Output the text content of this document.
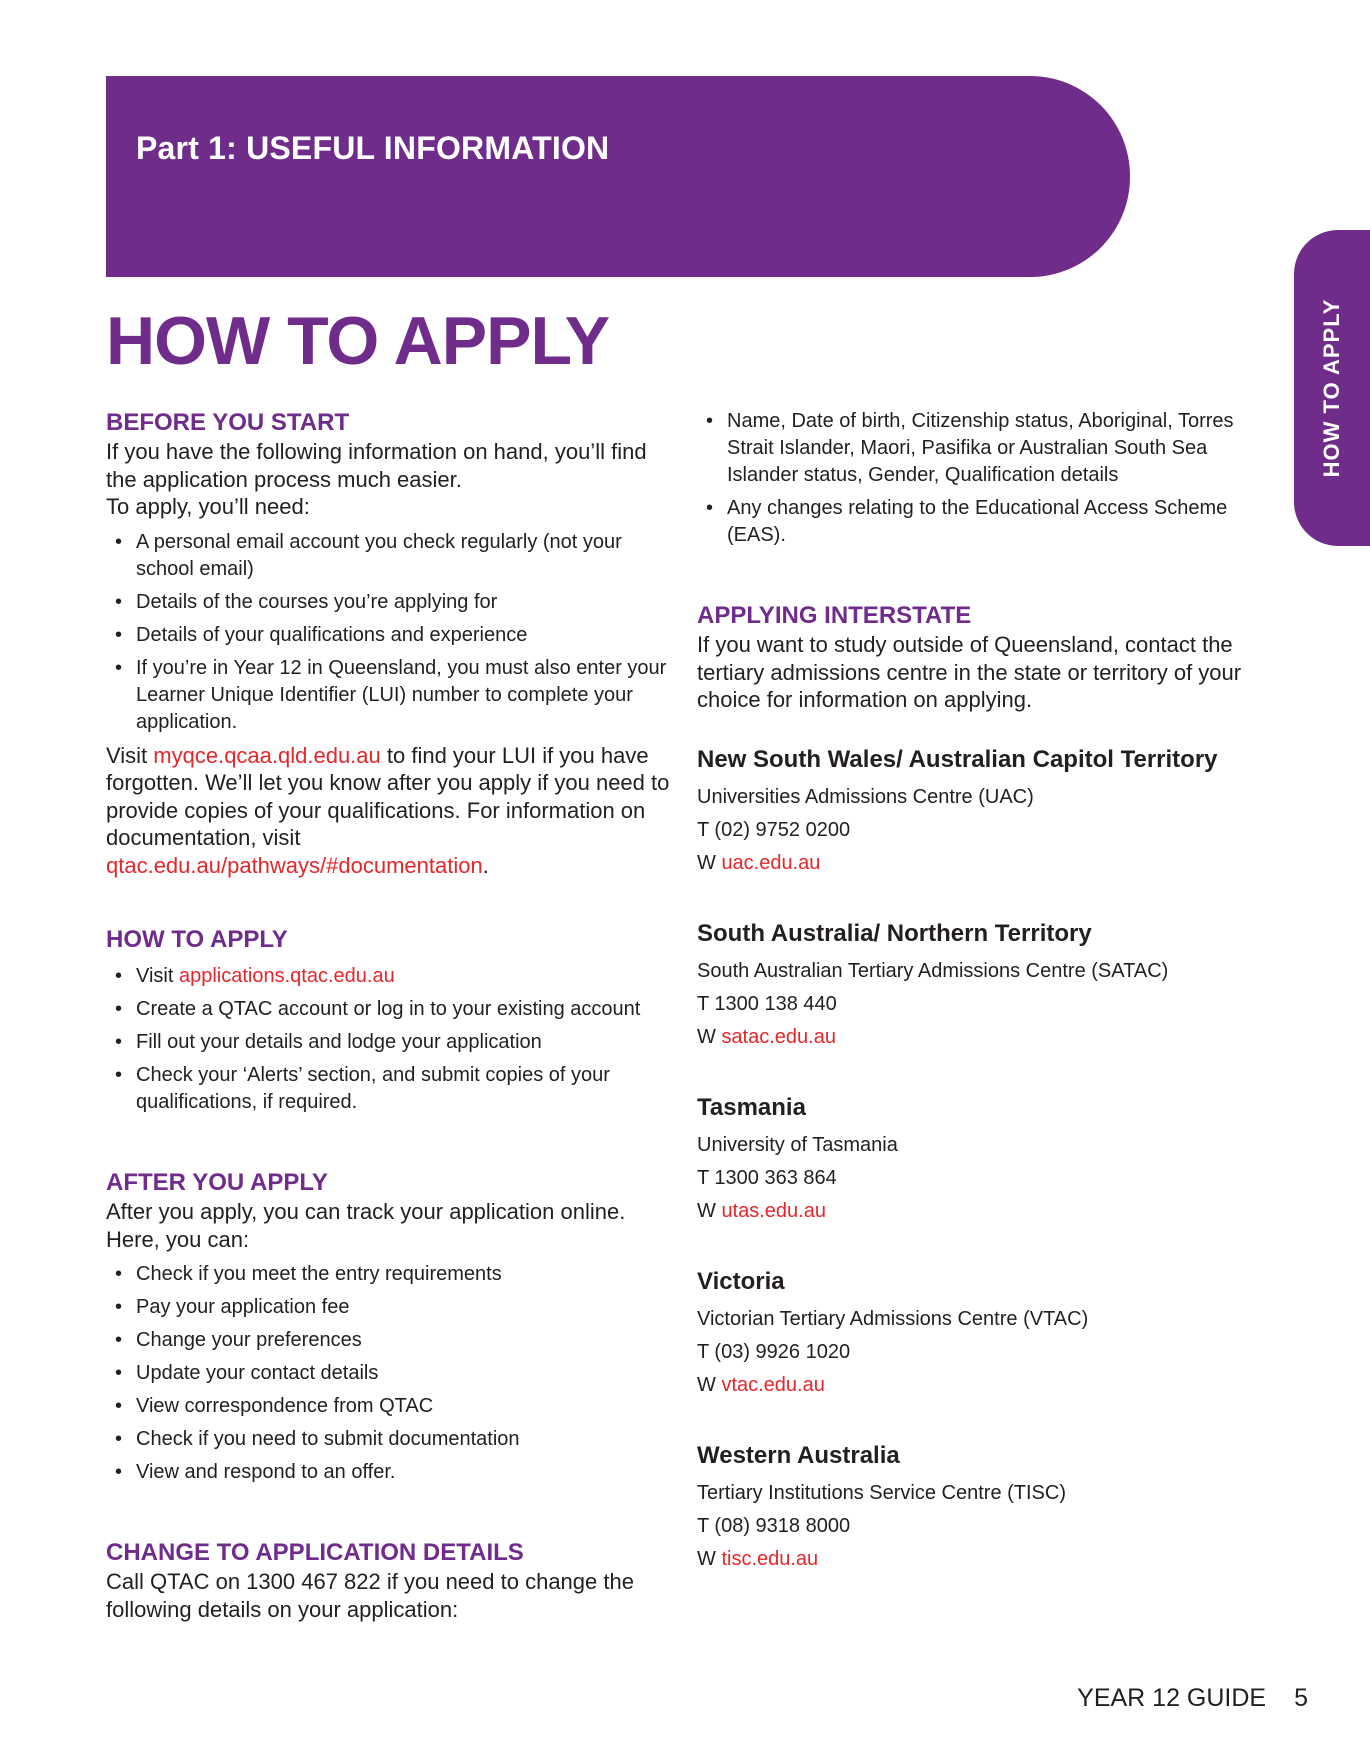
Part 1: USEFUL INFORMATION
HOW TO APPLY
HOW TO APPLY
BEFORE YOU START

If you have the following information on hand, you’ll find the application process much easier.

To apply, you’ll need:

• A personal email account you check regularly (not your school email)
• Details of the courses you’re applying for
• Details of your qualifications and experience
• If you’re in Year 12 in Queensland, you must also enter your Learner Unique Identifier (LUI) number to complete your application.

Visit myqce.qcaa.qld.edu.au to find your LUI if you have forgotten. We’ll let you know after you apply if you need to provide copies of your qualifications. For information on documentation, visit qtac.edu.au/pathways/#documentation.

HOW TO APPLY
• Visit applications.qtac.edu.au
• Create a QTAC account or log in to your existing account
• Fill out your details and lodge your application
• Check your ‘Alerts’ section, and submit copies of your qualifications, if required.
AFTER YOU APPLY

After you apply, you can track your application online. Here, you can:

• Check if you meet the entry requirements
• Pay your application fee
• Change your preferences
• Update your contact details
• View correspondence from QTAC
• Check if you need to submit documentation
• View and respond to an offer.
CHANGE TO APPLICATION DETAILS

Call QTAC on 1300 467 822 if you need to change the following details on your application:

• Name, Date of birth, Citizenship status, Aboriginal, Torres Strait Islander, Maori, Pasifika or Australian South Sea Islander status, Gender, Qualification details
• Any changes relating to the Educational Access Scheme (EAS).
APPLYING INTERSTATE

If you want to study outside of Queensland, contact the tertiary admissions centre in the state or territory of your choice for information on applying.

New South Wales/ Australian Capitol Territory

Universities Admissions Centre (UAC)

T (02) 9752 0200

W uac.edu.au

South Australia/ Northern Territory

South Australian Tertiary Admissions Centre (SATAC)

T 1300 138 440

W satac.edu.au

Tasmania

University of Tasmania

T 1300 363 864

W utas.edu.au

Victoria

Victorian Tertiary Admissions Centre (VTAC)

T (03) 9926 1020

W vtac.edu.au

Western Australia

Tertiary Institutions Service Centre (TISC)

T (08) 9318 8000

W tisc.edu.au

YEAR 12 GUIDE 5
